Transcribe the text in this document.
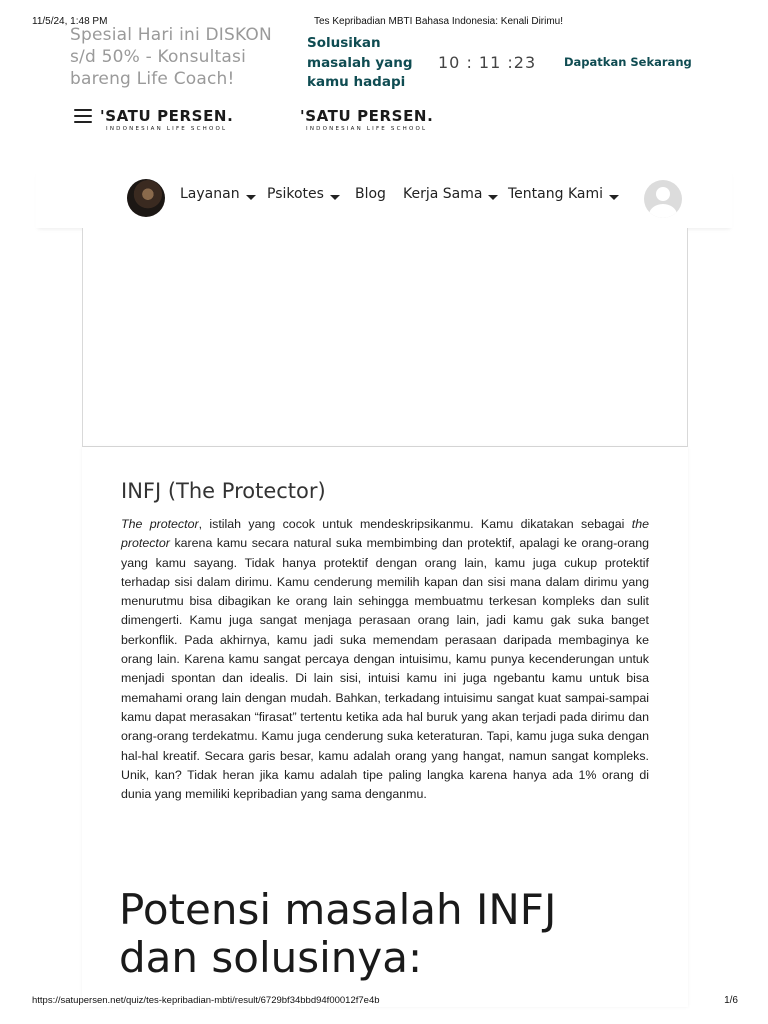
11/5/24, 1:48 PM	Tes Kepribadian MBTI Bahasa Indonesia: Kenali Dirimu!
Spesial Hari ini DISKON
s/d 50% - Konsultasi
bareng Life Coach!
Solusikan
masalah yang
kamu hadapi
10 : 11 :23 Dapatkan Sekarang
'SATU PERSEN.
INDONESIAN LIFE SCHOOL
'SATU PERSEN.
INDONESIAN LIFE SCHOOL
Layanan	Psikotes	Blog Kerja Sama	Tentang Kami
INFJ (The Protector)
The protector, istilah yang cocok untuk mendeskripsikanmu. Kamu dikatakan sebagai the protector karena kamu secara natural suka membimbing dan protektif, apalagi ke orang-orang yang kamu sayang. Tidak hanya protektif dengan orang lain, kamu juga cukup protektif terhadap sisi dalam dirimu. Kamu cenderung memilih kapan dan sisi mana dalam dirimu yang menurutmu bisa dibagikan ke orang lain sehingga membuatmu terkesan kompleks dan sulit dimengerti. Kamu juga sangat menjaga perasaan orang lain, jadi kamu gak suka banget berkonflik. Pada akhirnya, kamu jadi suka memendam perasaan daripada membaginya ke orang lain. Karena kamu sangat percaya dengan intuisimu, kamu punya kecenderungan untuk menjadi spontan dan idealis. Di lain sisi, intuisi kamu ini juga ngebantu kamu untuk bisa memahami orang lain dengan mudah. Bahkan, terkadang intuisimu sangat kuat sampai-sampai kamu dapat merasakan “firasat” tertentu ketika ada hal buruk yang akan terjadi pada dirimu dan orang-orang terdekatmu. Kamu juga cenderung suka keteraturan. Tapi, kamu juga suka dengan hal-hal kreatif. Secara garis besar, kamu adalah orang yang hangat, namun sangat kompleks. Unik, kan? Tidak heran jika kamu adalah tipe paling langka karena hanya ada 1% orang di dunia yang memiliki kepribadian yang sama denganmu.
Potensi masalah INFJ
dan solusinya:
https://satupersen.net/quiz/tes-kepribadian-mbti/result/6729bf34bbd94f00012f7e4b	1/6
